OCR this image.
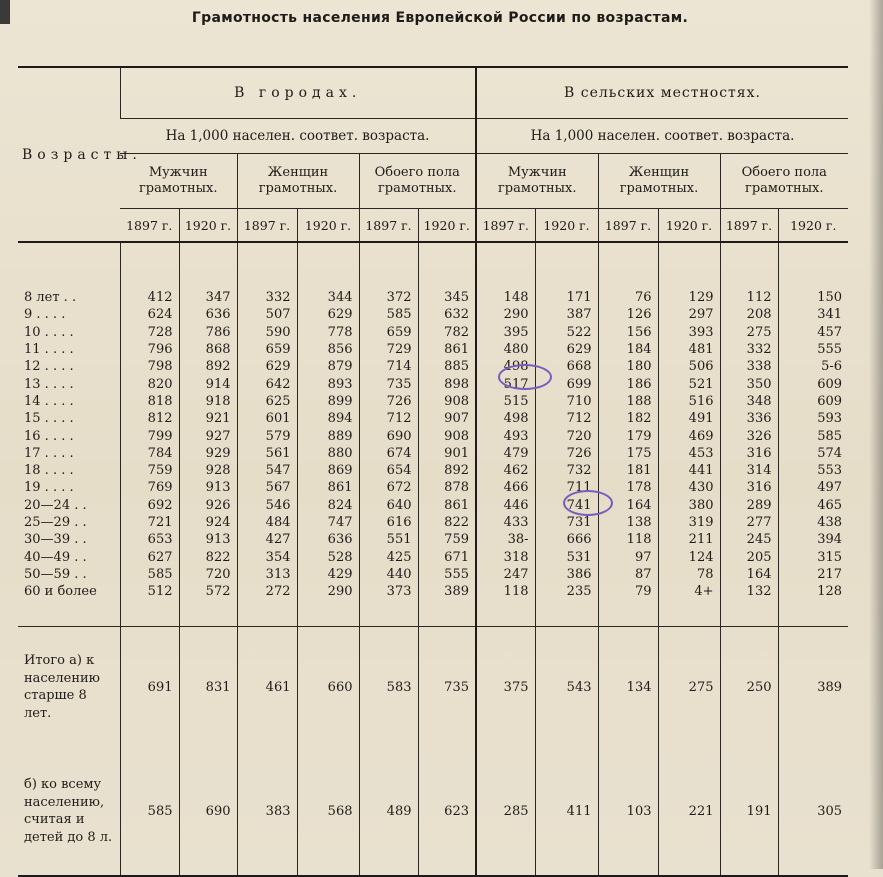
Грамотность населения Европейской России по возрастам.
Возрасты.	В городах.						В сельских местностях.					
	На 1,000 населен. соответ. возраста.						На 1,000 населен. соответ. возраста.					
	Мужчин грамотных.		Женщин грамотных.		Обоего пола грамотных.		Мужчин грамотных.		Женщин грамотных.		Обоего пола грамотных.	
	1897 г.	1920 г.	1897 г.	1920 г.	1897 г.	1920 г.	1897 г.	1920 г.	1897 г.	1920 г.	1897 г.	1920 г.

8 лет . .	412	347	332	344	372	345	148	171	76	129	112	150
9 . . . .	624	636	507	629	585	632	290	387	126	297	208	341
10 . . . .	728	786	590	778	659	782	395	522	156	393	275	457
11 . . . .	796	868	659	856	729	861	480	629	184	481	332	555
12 . . . .	798	892	629	879	714	885	498	668	180	506	338	5-6
13 . . . .	820	914	642	893	735	898	517	699	186	521	350	609
14 . . . .	818	918	625	899	726	908	515	710	188	516	348	609
15 . . . .	812	921	601	894	712	907	498	712	182	491	336	593
16 . . . .	799	927	579	889	690	908	493	720	179	469	326	585
17 . . . .	784	929	561	880	674	901	479	726	175	453	316	574
18 . . . .	759	928	547	869	654	892	462	732	181	441	314	553
19 . . . .	769	913	567	861	672	878	466	711	178	430	316	497
20—24 . .	692	926	546	824	640	861	446	741	164	380	289	465
25—29 . .	721	924	484	747	616	822	433	731	138	319	277	438
30—39 . .	653	913	427	636	551	759	38-	666	118	211	245	394
40—49 . .	627	822	354	528	425	671	318	531	97	124	205	315
50—59 . .	585	720	313	429	440	555	247	386	87	78	164	217
60 и более	512	572	272	290	373	389	118	235	79	4+	132	128

Итого а) к населению старше 8 лет.	691	831	461	660	583	735	375	543	134	275	250	389
б) ко всему населению, считая и детей до 8 л.	585	690	383	568	489	623	285	411	103	221	191	305
